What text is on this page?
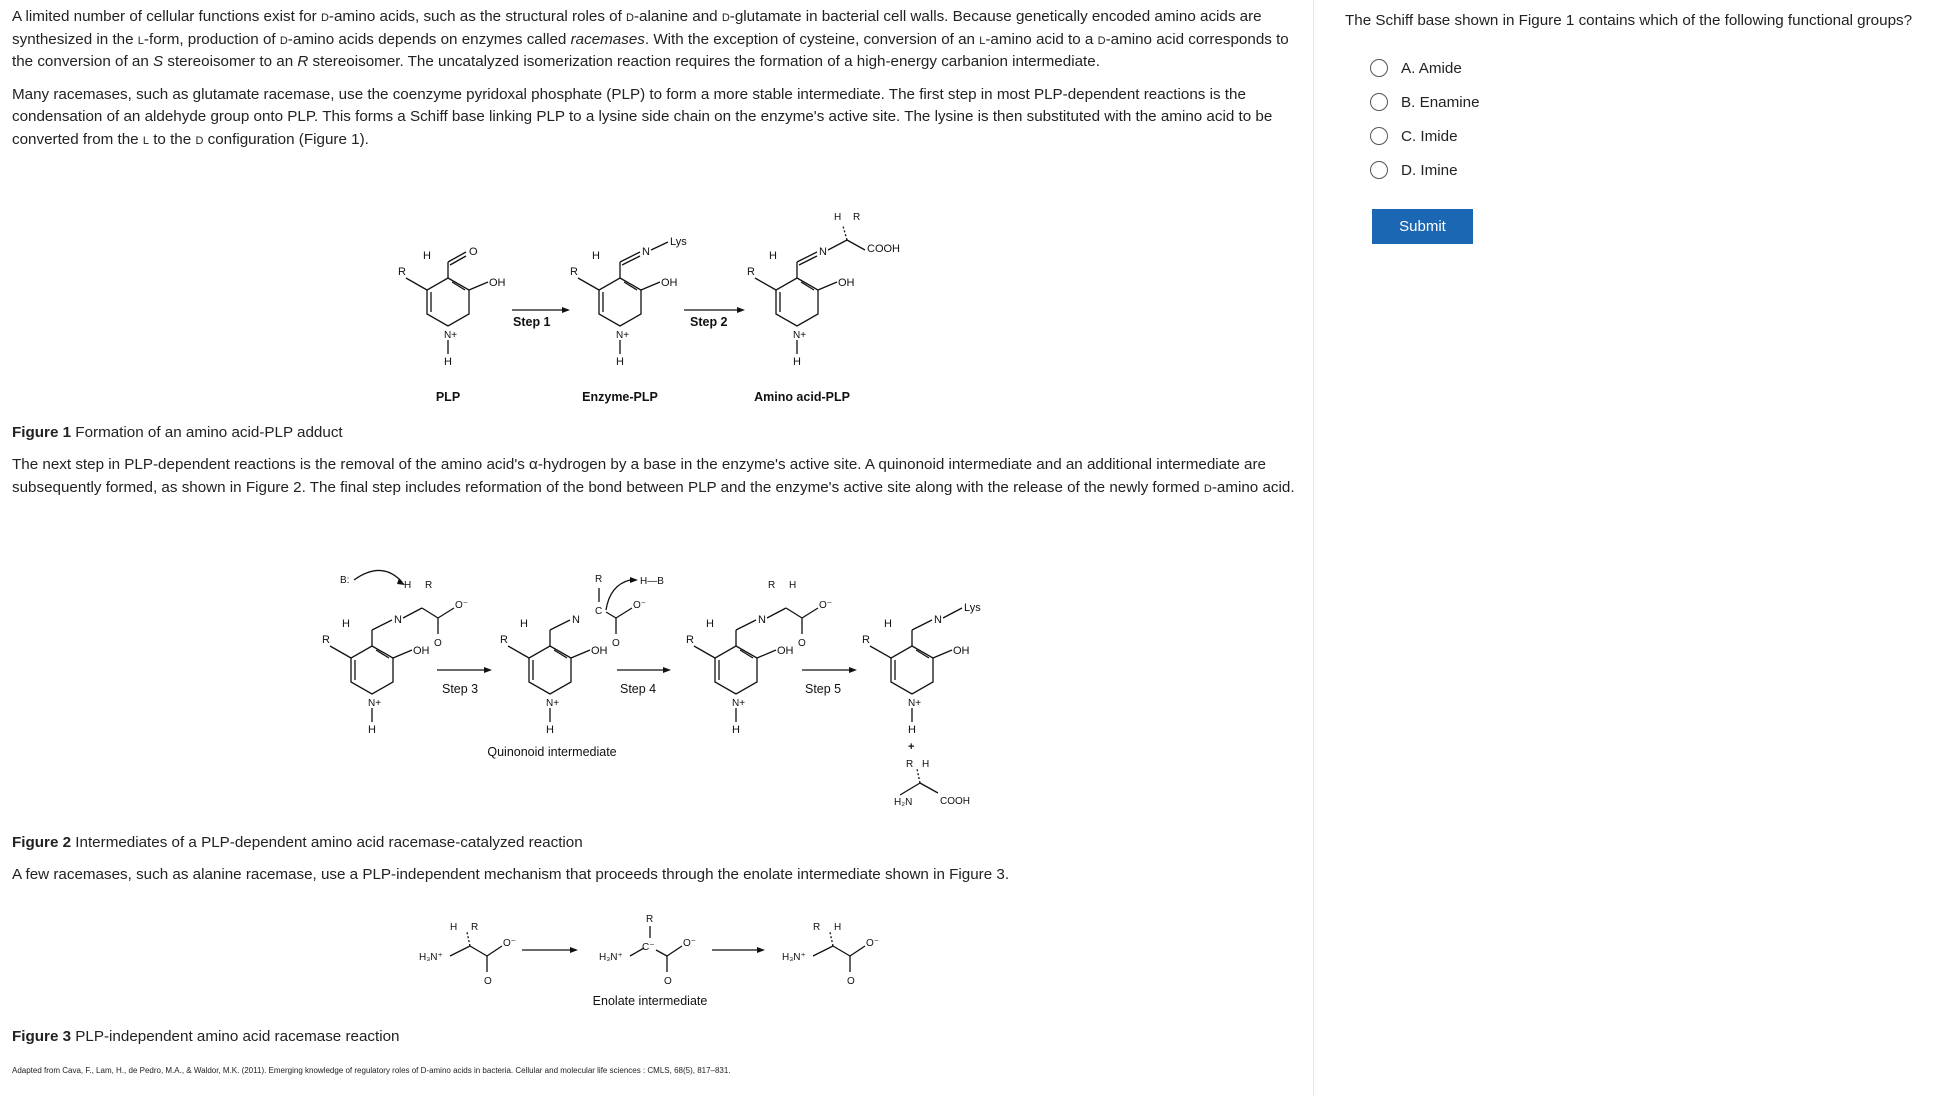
A limited number of cellular functions exist for d-amino acids, such as the structural roles of d-alanine and d-glutamate in bacterial cell walls. Because genetically encoded amino acids are synthesized in the l-form, production of d-amino acids depends on enzymes called racemases. With the exception of cysteine, conversion of an l-amino acid to a d-amino acid corresponds to the conversion of an S stereoisomer to an R stereoisomer. The uncatalyzed isomerization reaction requires the formation of a high-energy carbanion intermediate.

Many racemases, such as glutamate racemase, use the coenzyme pyridoxal phosphate (PLP) to form a more stable intermediate. The first step in most PLP-dependent reactions is the condensation of an aldehyde group onto PLP. This forms a Schiff base linking PLP to a lysine side chain on the enzyme's active site. The lysine is then substituted with the amino acid to be converted from the l to the d configuration (Figure 1).

O
H
R
OH
N+
H
N
Lys
H
R
OH
N+
H
N	COOH
H R
H
R
OH
N+
H
Step 1	Step 2
PLP	Enzyme-PLP	Amino acid-PLP
Figure 1 Formation of an amino acid-PLP adduct

The next step in PLP-dependent reactions is the removal of the amino acid's α-hydrogen by a base in the enzyme's active site. A quinonoid intermediate and an additional intermediate are subsequently formed, as shown in Figure 2. The final step includes reformation of the bond between PLP and the enzyme's active site along with the release of the newly formed d-amino acid.

N
O
O⁻
H R
B:
H
R
OH
N+
H
N
C
R
O
O⁻
H—B
H
R
OH
N+
H
N
O
O⁻
R H
H
R
OH
N+
H
N
Lys
H
R
OH
N+
H
+
H₂N	COOH
R H
Step 3	Step 4	Step 5
Quinonoid intermediate
Figure 2 Intermediates of a PLP-dependent amino acid racemase-catalyzed reaction

A few racemases, such as alanine racemase, use a PLP-independent mechanism that proceeds through the enolate intermediate shown in Figure 3.

O
O⁻
H₃N⁺
H R
C⁻
R
O
O⁻
H₃N⁺
O
O⁻
H₃N⁺
R H
Enolate intermediate
Figure 3 PLP-independent amino acid racemase reaction
Adapted from Cava, F., Lam, H., de Pedro, M.A., & Waldor, M.K. (2011). Emerging knowledge of regulatory roles of D-amino acids in bacteria. Cellular and molecular life sciences : CMLS, 68(5), 817–831.

The Schiff base shown in Figure 1 contains which of the following functional groups?

A. Amide
B. Enamine
C. Imide
D. Imine
Submit
